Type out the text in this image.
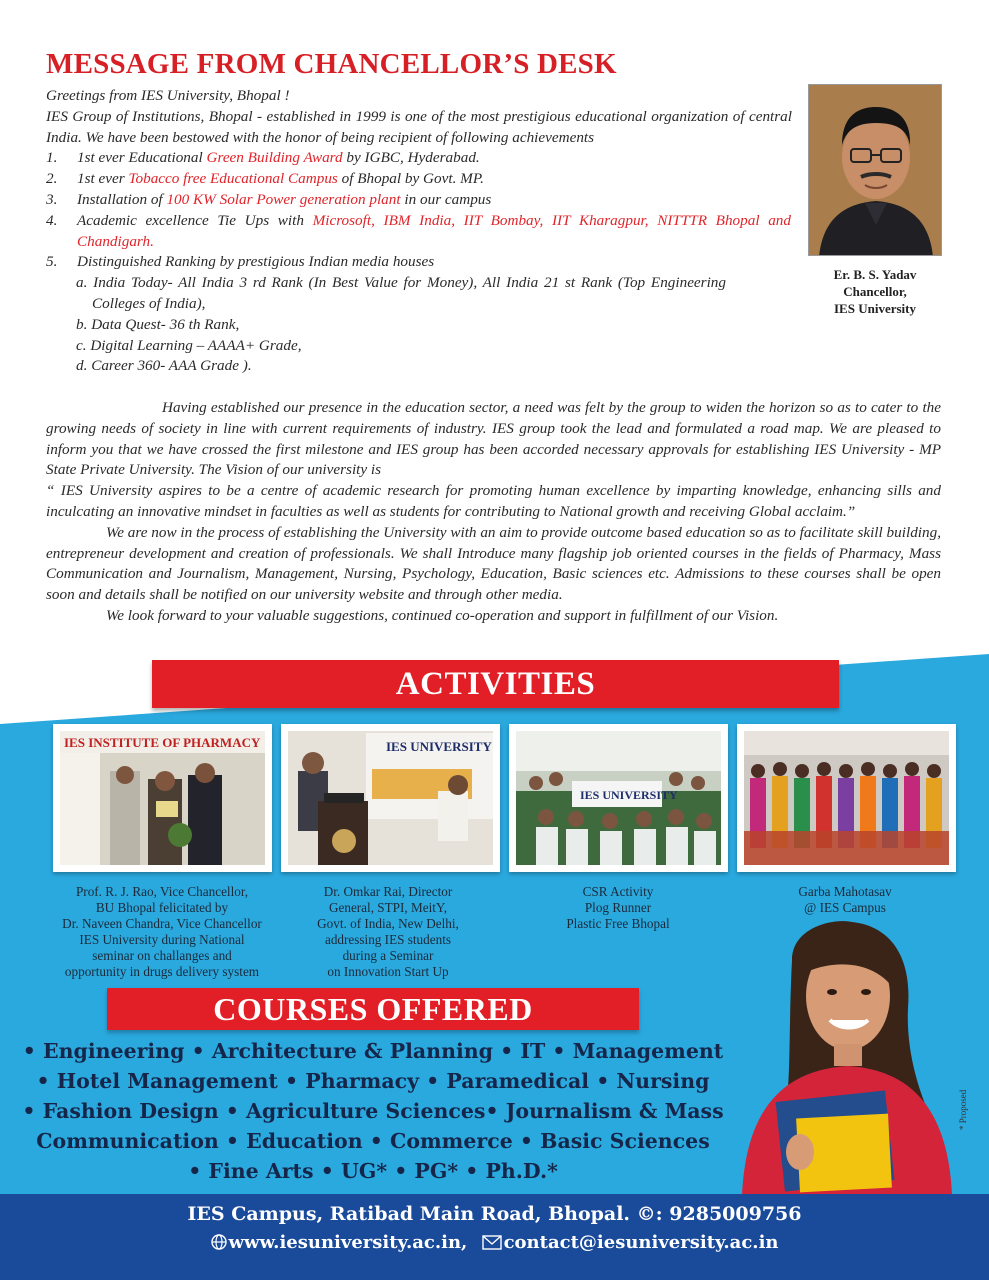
MESSAGE FROM CHANCELLOR’S DESK

Greetings from IES University, Bhopal !

IES Group of Institutions, Bhopal - established in 1999 is one of the most prestigious educational organization of central India. We have been bestowed with the honor of being recipient of following achievements

1. 1st ever Educational Green Building Award by IGBC, Hyderabad.
2. 1st ever Tobacco free Educational Campus of Bhopal by Govt. MP.
3. Installation of 100 KW Solar Power generation plant in our campus
4. Academic excellence Tie Ups with Microsoft, IBM India, IIT Bombay, IIT Kharagpur, NITTTR Bhopal and Chandigarh.
5. Distinguished Ranking by prestigious Indian media houses
a. India Today- All India 3 rd Rank (In Best Value for Money), All India 21 st Rank (Top Engineering Colleges of India),
b. Data Quest- 36 th Rank,
c. Digital Learning – AAAA+ Grade,
d. Career 360- AAA Grade ).

Having established our presence in the education sector, a need was felt by the group to widen the horizon so as to cater to the growing needs of society in line with current requirements of industry. IES group took the lead and formulated a road map. We are pleased to inform you that we have crossed the first milestone and IES group has been accorded necessary approvals for establishing IES University - MP State Private University. The Vision of our university is

“ IES University aspires to be a centre of academic research for promoting human excellence by imparting knowledge, enhancing sills and inculcating an innovative mindset in faculties as well as students for contributing to National growth and receiving Global acclaim.”

We are now in the process of establishing the University with an aim to provide outcome based education so as to facilitate skill building, entrepreneur development and creation of professionals. We shall Introduce many flagship job oriented courses in the fields of Pharmacy, Mass Communication and Journalism, Management, Nursing, Psychology, Education, Basic sciences etc. Admissions to these courses shall be open soon and details shall be notified on our university website and through other media.

We look forward to your valuable suggestions, continued co-operation and support in fulfillment of our Vision.

Er. B. S. Yadav
Chancellor,
IES University
ACTIVITIES
IES INSTITUTE OF PHARMACY	IES UNIVERSITY
IES UNIVERSITY
Prof. R. J. Rao, Vice Chancellor,
BU Bhopal felicitated by
Dr. Naveen Chandra, Vice Chancellor
IES University during National
seminar on challanges and
opportunity in drugs delivery system
Dr. Omkar Rai, Director
General, STPI, MeitY,
Govt. of India, New Delhi,
addressing IES students
during a Seminar
on Innovation Start Up
CSR Activity
Plog Runner
Plastic Free Bhopal
Garba Mahotasav
@ IES Campus
COURSES OFFERED
• Engineering • Architecture & Planning • IT • Management
• Hotel Management • Pharmacy • Paramedical • Nursing
• Fashion Design • Agriculture Sciences• Journalism & Mass
Communication • Education • Commerce • Basic Sciences
• Fine Arts • UG* • PG* • Ph.D.*
* Proposed
IES Campus, Ratibad Main Road, Bhopal. ©: 9285009756
www.iesuniversity.ac.in, contact@iesuniversity.ac.in
